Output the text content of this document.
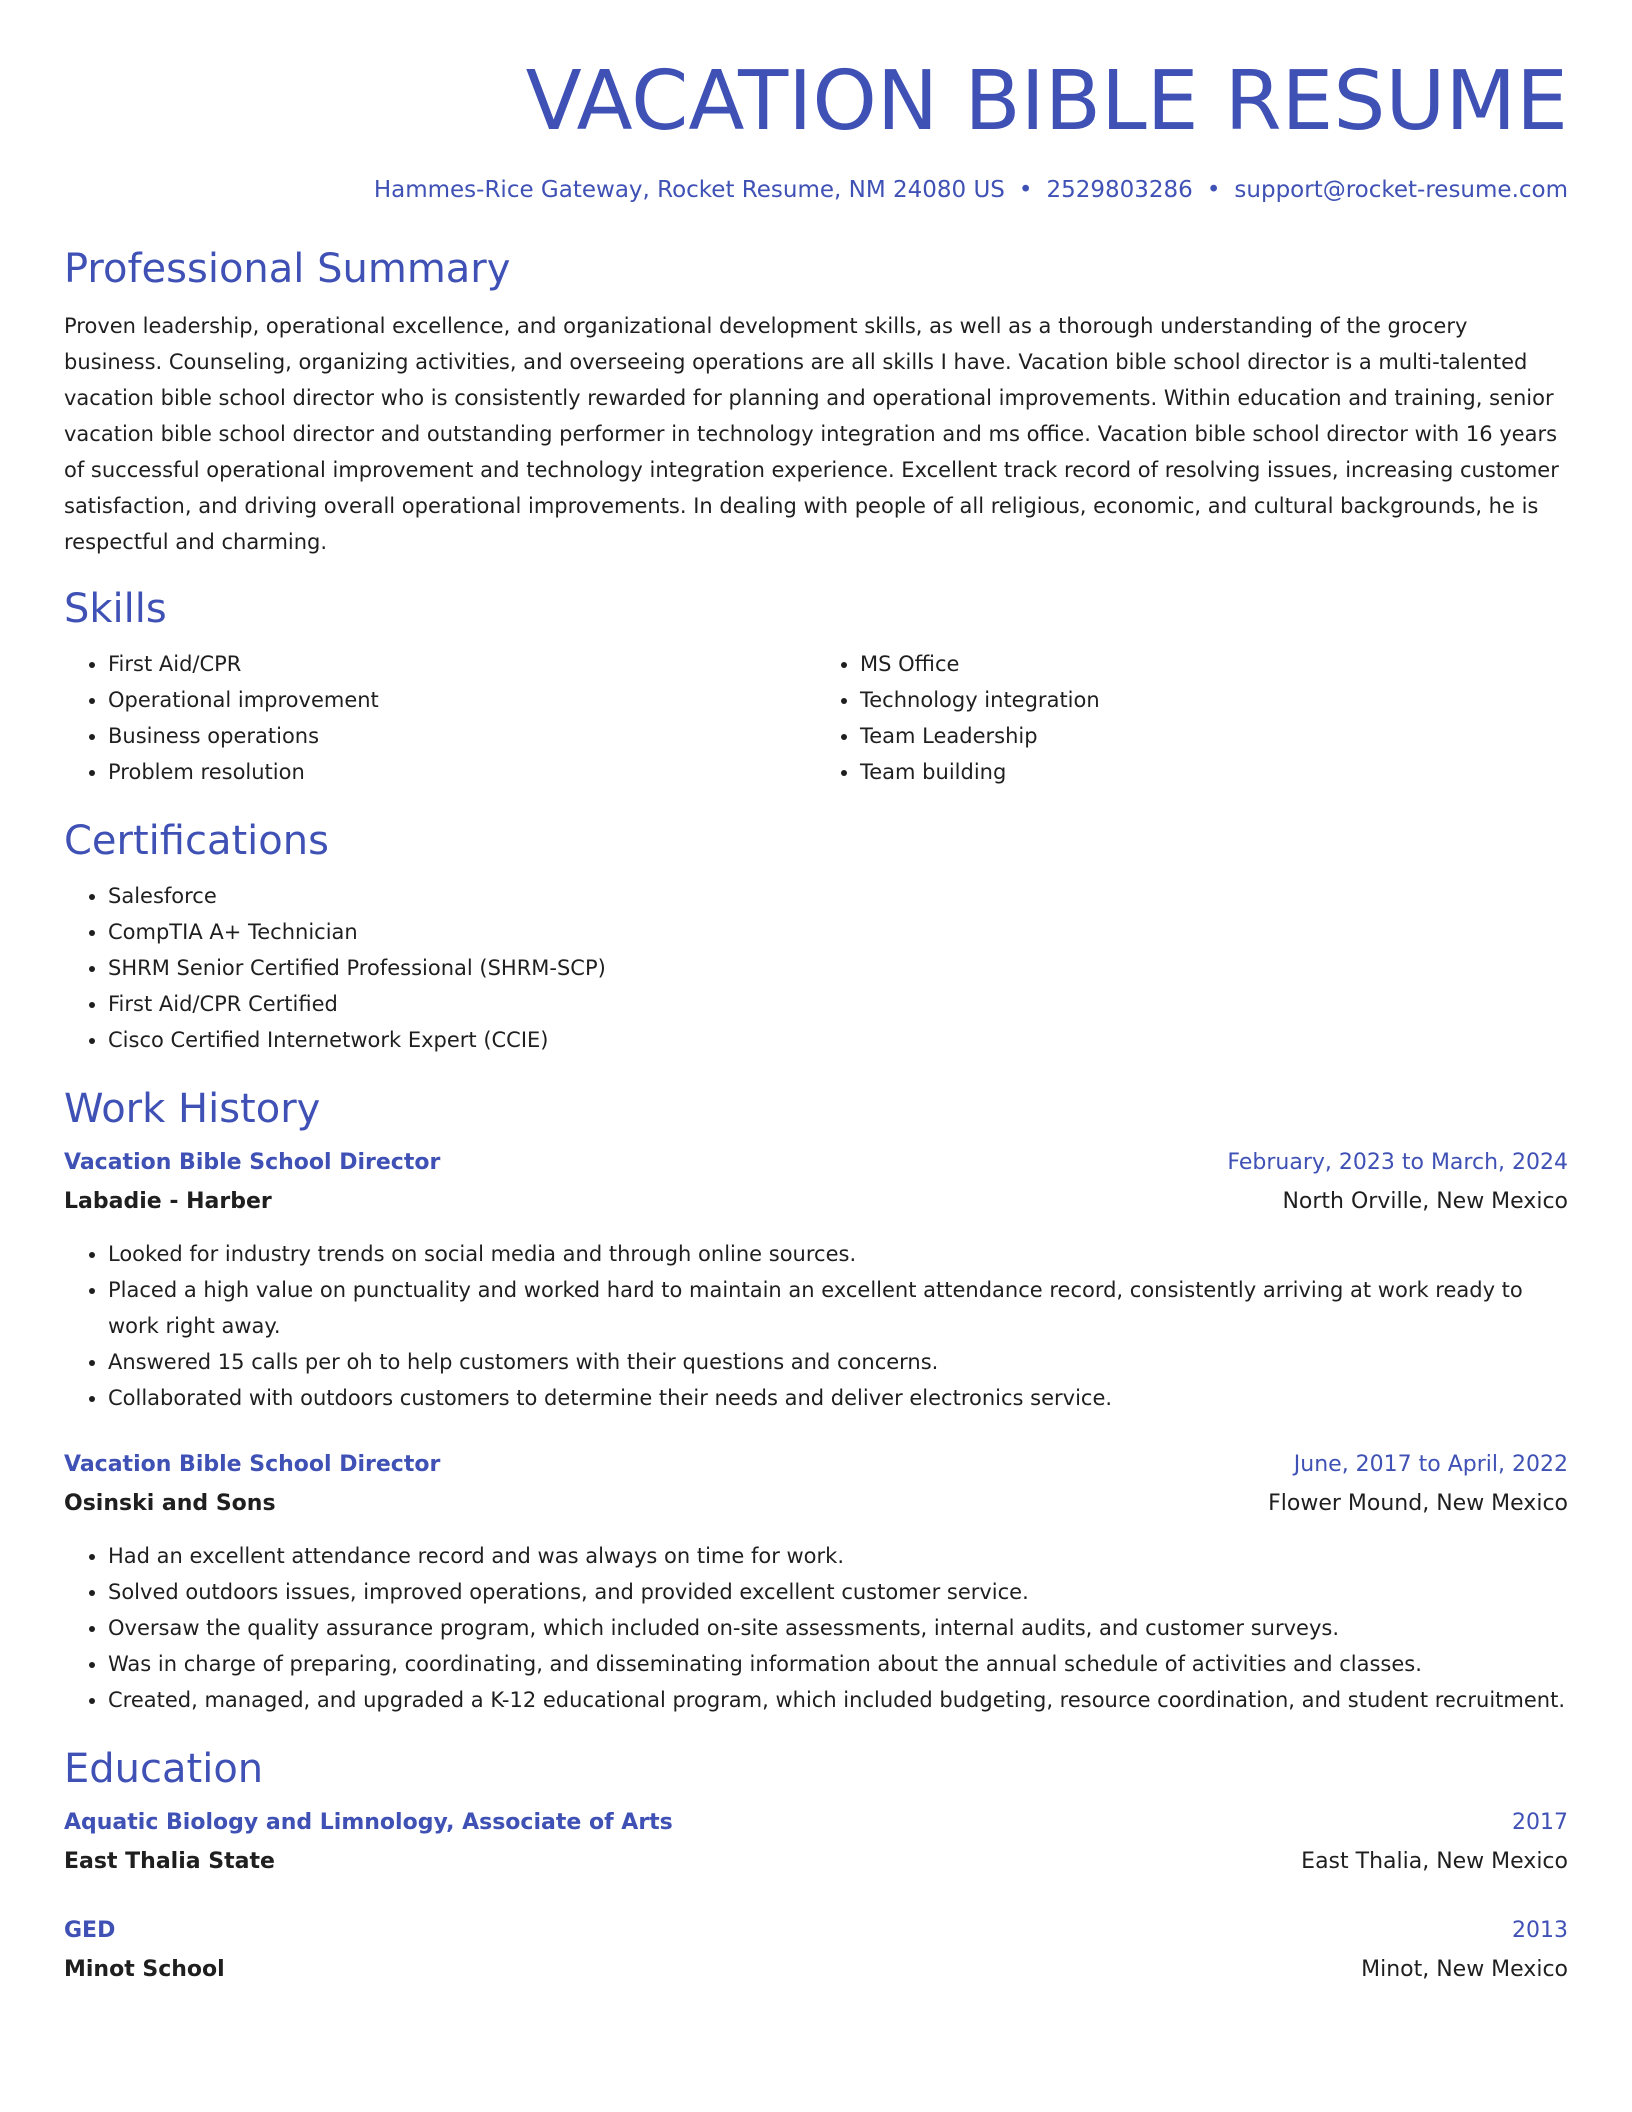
VACATION BIBLE RESUME
Hammes-Rice Gateway, Rocket Resume, NM 24080 US • 2529803286 • support@rocket-resume.com
Professional Summary

Proven leadership, operational excellence, and organizational development skills, as well as a thorough understanding of the grocery business. Counseling, organizing activities, and overseeing operations are all skills I have. Vacation bible school director is a multi-talented vacation bible school director who is consistently rewarded for planning and operational improvements. Within education and training, senior vacation bible school director and outstanding performer in technology integration and ms office. Vacation bible school director with 16 years of successful operational improvement and technology integration experience. Excellent track record of resolving issues, increasing customer satisfaction, and driving overall operational improvements. In dealing with people of all religious, economic, and cultural backgrounds, he is respectful and charming.

Skills
• First Aid/CPR
• Operational improvement
• Business operations
• Problem resolution
• MS Office
• Technology integration
• Team Leadership
• Team building
Certifications
• Salesforce
• CompTIA A+ Technician
• SHRM Senior Certified Professional (SHRM-SCP)
• First Aid/CPR Certified
• Cisco Certified Internetwork Expert (CCIE)
Work History
Vacation Bible School Director	February, 2023 to March, 2024
Labadie - Harber	North Orville, New Mexico
• Looked for industry trends on social media and through online sources.
• Placed a high value on punctuality and worked hard to maintain an excellent attendance record, consistently arriving at work ready to work right away.
• Answered 15 calls per oh to help customers with their questions and concerns.
• Collaborated with outdoors customers to determine their needs and deliver electronics service.
Vacation Bible School Director	June, 2017 to April, 2022
Osinski and Sons	Flower Mound, New Mexico
• Had an excellent attendance record and was always on time for work.
• Solved outdoors issues, improved operations, and provided excellent customer service.
• Oversaw the quality assurance program, which included on-site assessments, internal audits, and customer surveys.
• Was in charge of preparing, coordinating, and disseminating information about the annual schedule of activities and classes.
• Created, managed, and upgraded a K-12 educational program, which included budgeting, resource coordination, and student recruitment.
Education
Aquatic Biology and Limnology, Associate of Arts	2017
East Thalia State	East Thalia, New Mexico
GED	2013
Minot School	Minot, New Mexico
